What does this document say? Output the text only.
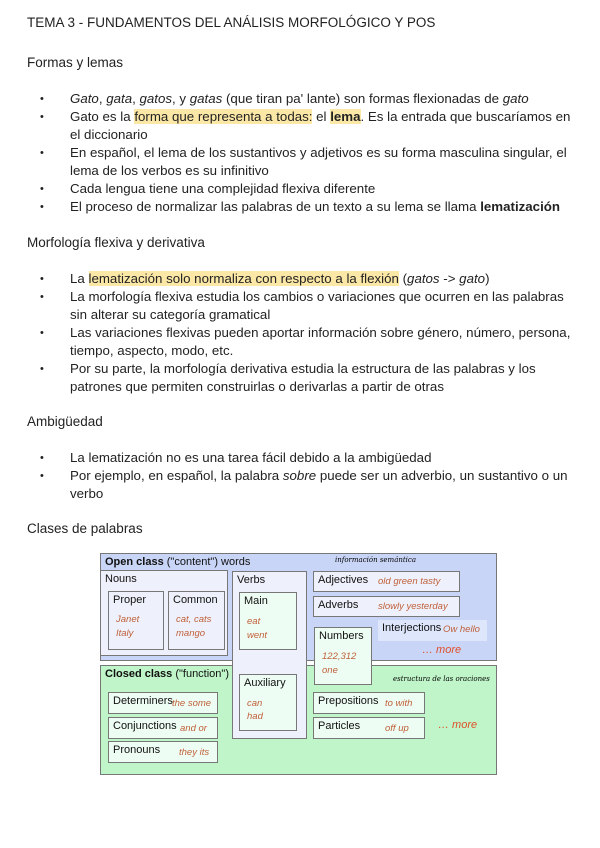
TEMA 3 - FUNDAMENTOS DEL ANÁLISIS MORFOLÓGICO Y POS
Open class ("content") words	información semántica
Closed class ("function")	estructura de las oraciones
Nouns
Proper
Janet
Italy
Common
cat, cats
mango
Verbs
Main
eat
went
Auxiliary
can
had
Adjectives old green tasty
Adverbs slowly yesterday
Interjections Ow hello
… more
Numbers
122,312
one
Determiners the some
Conjunctions and or
Pronouns they its
Prepositions to with
Particles	off up	… more
Formas y lemas
• Gato, gata, gatos, y gatas (que tiran pa' lante) son formas flexionadas de gato
• Gato es la forma que representa a todas: el lema. Es la entrada que buscaríamos en el diccionario
• En español, el lema de los sustantivos y adjetivos es su forma masculina singular, el lema de los verbos es su infinitivo
• Cada lengua tiene una complejidad flexiva diferente
• El proceso de normalizar las palabras de un texto a su lema se llama lematización
Morfología flexiva y derivativa
• La lematización solo normaliza con respecto a la flexión (gatos -> gato)
• La morfología flexiva estudia los cambios o variaciones que ocurren en las palabras sin alterar su categoría gramatical
• Las variaciones flexivas pueden aportar información sobre género, número, persona, tiempo, aspecto, modo, etc.
• Por su parte, la morfología derivativa estudia la estructura de las palabras y los patrones que permiten construirlas o derivarlas a partir de otras
Ambigüedad
• La lematización no es una tarea fácil debido a la ambigüedad
• Por ejemplo, en español, la palabra sobre puede ser un adverbio, un sustantivo o un verbo
Clases de palabras
